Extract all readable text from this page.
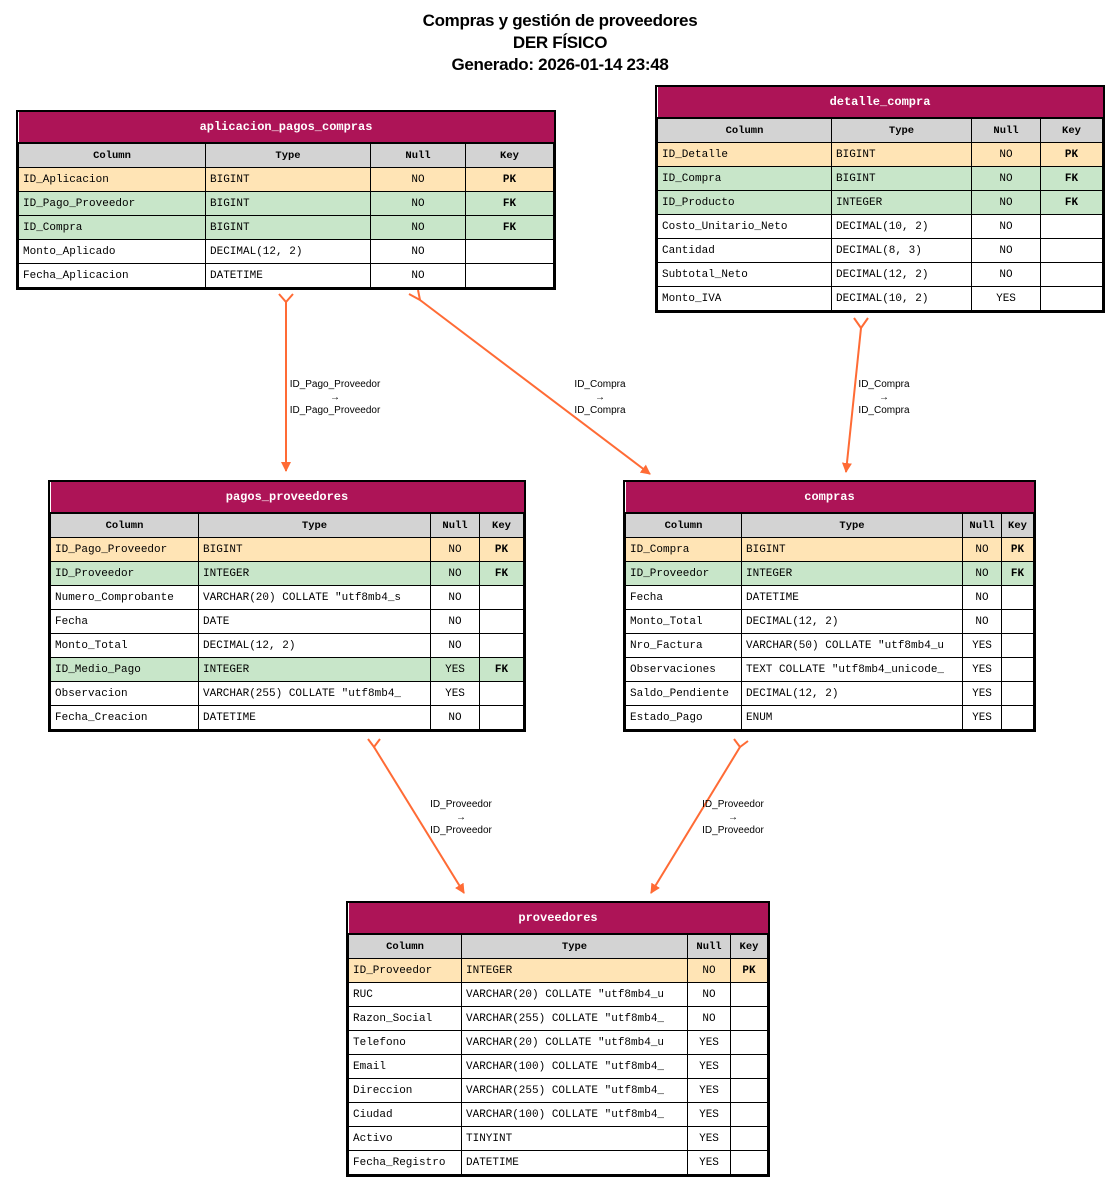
Compras y gestión de proveedores
DER FÍSICO
Generado: 2026-01-14 23:48
ID_Pago_Proveedor
→
ID_Pago_Proveedor
ID_Compra
→
ID_Compra
ID_Compra
→
ID_Compra
ID_Proveedor
→
ID_Proveedor
ID_Proveedor
→
ID_Proveedor
aplicacion_pagos_compras			
Column	Type	Null	Key
ID_Aplicacion	BIGINT	NO	PK
ID_Pago_Proveedor	BIGINT	NO	FK
ID_Compra	BIGINT	NO	FK
Monto_Aplicado	DECIMAL(12, 2)	NO	
Fecha_Aplicacion	DATETIME	NO	
detalle_compra			
Column	Type	Null	Key
ID_Detalle	BIGINT	NO	PK
ID_Compra	BIGINT	NO	FK
ID_Producto	INTEGER	NO	FK
Costo_Unitario_Neto	DECIMAL(10, 2)	NO	
Cantidad	DECIMAL(8, 3)	NO	
Subtotal_Neto	DECIMAL(12, 2)	NO	
Monto_IVA	DECIMAL(10, 2)	YES	
pagos_proveedores			
Column	Type	Null	Key
ID_Pago_Proveedor	BIGINT	NO	PK
ID_Proveedor	INTEGER	NO	FK
Numero_Comprobante	VARCHAR(20) COLLATE "utf8mb4_s	NO	
Fecha	DATE	NO	
Monto_Total	DECIMAL(12, 2)	NO	
ID_Medio_Pago	INTEGER	YES	FK
Observacion	VARCHAR(255) COLLATE "utf8mb4_	YES	
Fecha_Creacion	DATETIME	NO	
compras			
Column	Type	Null	Key
ID_Compra	BIGINT	NO	PK
ID_Proveedor	INTEGER	NO	FK
Fecha	DATETIME	NO	
Monto_Total	DECIMAL(12, 2)	NO	
Nro_Factura	VARCHAR(50) COLLATE "utf8mb4_u	YES	
Observaciones	TEXT COLLATE "utf8mb4_unicode_	YES	
Saldo_Pendiente	DECIMAL(12, 2)	YES	
Estado_Pago	ENUM	YES	
proveedores			
Column	Type	Null	Key
ID_Proveedor	INTEGER	NO	PK
RUC	VARCHAR(20) COLLATE "utf8mb4_u	NO	
Razon_Social	VARCHAR(255) COLLATE "utf8mb4_	NO	
Telefono	VARCHAR(20) COLLATE "utf8mb4_u	YES	
Email	VARCHAR(100) COLLATE "utf8mb4_	YES	
Direccion	VARCHAR(255) COLLATE "utf8mb4_	YES	
Ciudad	VARCHAR(100) COLLATE "utf8mb4_	YES	
Activo	TINYINT	YES	
Fecha_Registro	DATETIME	YES	
